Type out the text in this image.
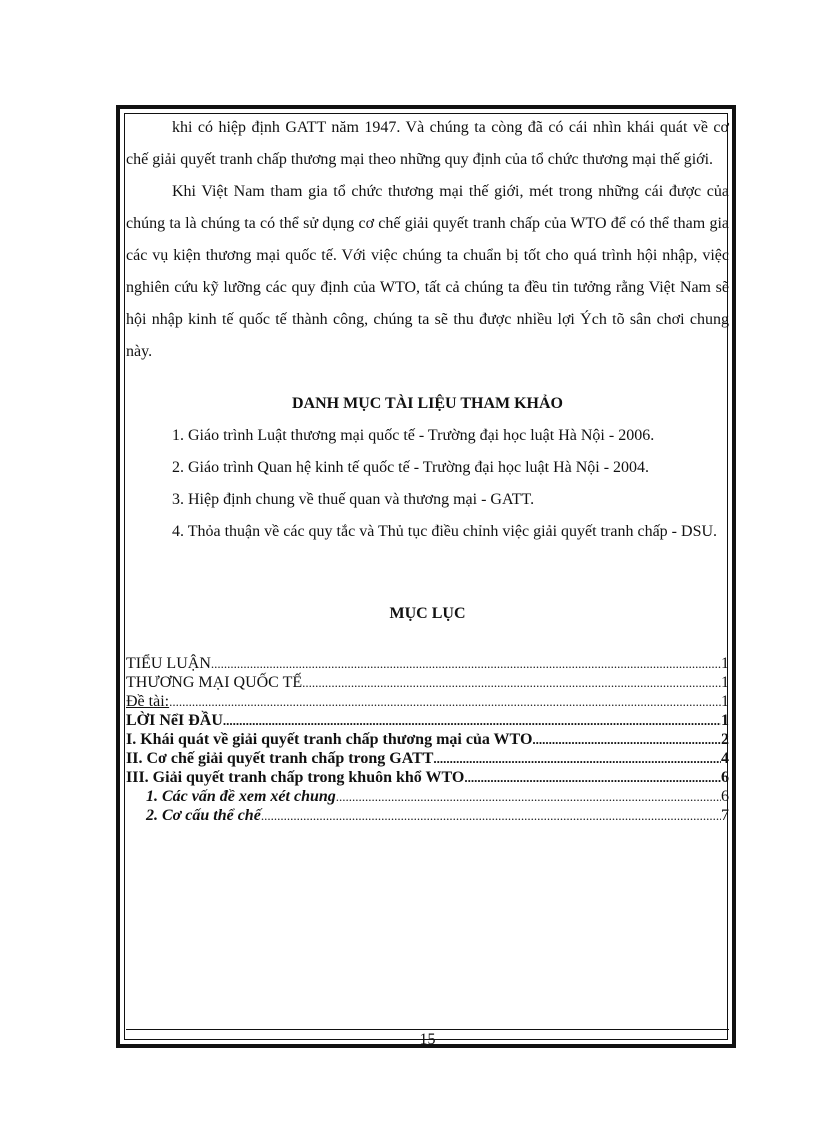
khi có hiệp định GATT năm 1947. Và chúng ta còng đã có cái nhìn khái quát về cơ chế giải quyết tranh chấp thương mại theo những quy định của tổ chức thương mại thế giới.

Khi Việt Nam tham gia tổ chức thương mại thế giới, mét trong những cái được của chúng ta là chúng ta có thể sử dụng cơ chế giải quyết tranh chấp của WTO để có thể tham gia các vụ kiện thương mại quốc tế. Với việc chúng ta chuẩn bị tốt cho quá trình hội nhập, việc nghiên cứu kỹ lưỡng các quy định của WTO, tất cả chúng ta đều tin tưởng rằng Việt Nam sẽ hội nhập kinh tế quốc tế thành công, chúng ta sẽ thu được nhiều lợi Ých tõ sân chơi chung này.

DANH MỤC TÀI LIỆU THAM KHẢO

1. Giáo trình Luật thương mại quốc tế - Trường đại học luật Hà Nội - 2006.

2. Giáo trình Quan hệ kinh tế quốc tế - Trường đại học luật Hà Nội - 2004.

3. Hiệp định chung về thuế quan và thương mại - GATT.

4. Thỏa thuận về các quy tắc và Thủ tục điều chỉnh việc giải quyết tranh chấp - DSU.

MỤC LỤC

TIỂU LUẬN .....	1
THƯƠNG MẠI QUỐC TẾ .....	1
Đề tài: .....	1
LỜI NểI ĐẦU .....	1
I. Khái quát về giải quyết tranh chấp thương mại của WTO .....	2
II. Cơ chế giải quyết tranh chấp trong GATT .....	4
III. Giải quyết tranh chấp trong khuôn khổ WTO .....	6
1. Các vấn đề xem xét chung .....	6
2. Cơ cấu thể chế .....	7
15
